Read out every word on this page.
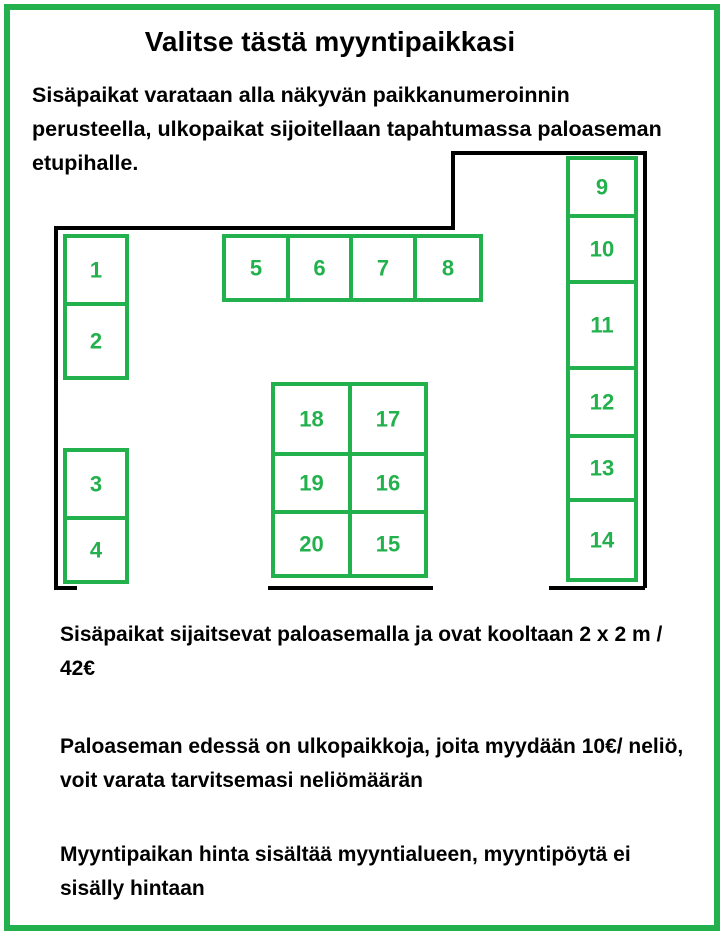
Valitse tästä myyntipaikkasi

Sisäpaikat varataan alla näkyvän paikkanumeroinnin perusteella, ulkopaikat sijoitellaan tapahtumassa paloaseman etupihalle.

1
2
3
4
5 6 7 8
9
10
11
12
13
14
15
16
17
18
19
20

Sisäpaikat sijaitsevat paloasemalla ja ovat kooltaan 2 x 2 m / 42€

Paloaseman edessä on ulkopaikkoja, joita myydään 10€/ neliö, voit varata tarvitsemasi neliömäärän

Myyntipaikan hinta sisältää myyntialueen, myyntipöytä ei sisälly hintaan
